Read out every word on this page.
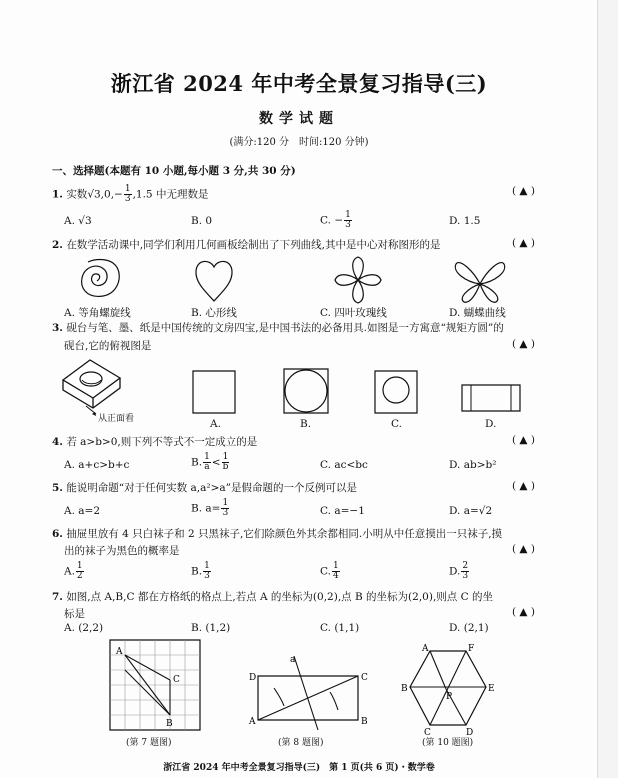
浙江省 2024 年中考全景复习指导(三)
数学试题
(满分:120 分　时间:120 分钟)
一、选择题(本题有 10 小题,每小题 3 分,共 30 分)
1. 实数$√3,0,- \frac{1}{3} ,1.5$ 中无理数是	( ▲ )
A. √3	B. 0	C. − $\frac{1}{3}$	D. 1.5
2. 在数学活动课中,同学们利用几何画板绘制出了下列曲线,其中是中心对称图形的是	( ▲ )
A. 等角螺旋线	B. 心形线	C. 四叶玫瑰线	D. 蝴蝶曲线
3. 砚台与笔、墨、纸是中国传统的文房四宝,是中国书法的必备用具.如图是一方寓意“规矩方圆”的
砚台,它的俯视图是	( ▲ )
从正面看	A.	B.	C.	D.
4. 若 a>b>0,则下列不等式不一定成立的是	( ▲ )
A. a+c>b+c	B. $\frac{1}{a} < \frac{1}{b}$	C. ac<bc	D. ab>b²
5. 能说明命题“对于任何实数 a,a²>a”是假命题的一个反例可以是	( ▲ )
A. a=2	B. $a= \frac{1}{3}$	C. a=−1	D. a=√2
6. 抽屉里放有 4 只白袜子和 2 只黑袜子,它们除颜色外其余都相同.小明从中任意摸出一只袜子,摸
出的袜子为黑色的概率是	( ▲ )
A. $\frac{1}{2}$	B. $\frac{1}{3}$	C. $\frac{1}{4}$	D. $\frac{2}{3}$
7. 如图,点 A,B,C 都在方格纸的格点上,若点 A 的坐标为(0,2),点 B 的坐标为(2,0),则点 C 的坐
标是	( ▲ )
A. (2,2)	B. (1,2)	C. (1,1)	D. (2,1)
A
C
B
(第 7 题图)
a
D	C
A	B
(第 8 题图)
A	F
B
P
E
C	D
(第 10 题图)
浙江省 2024 年中考全景复习指导(三)　第 1 页(共 6 页)・数学卷
